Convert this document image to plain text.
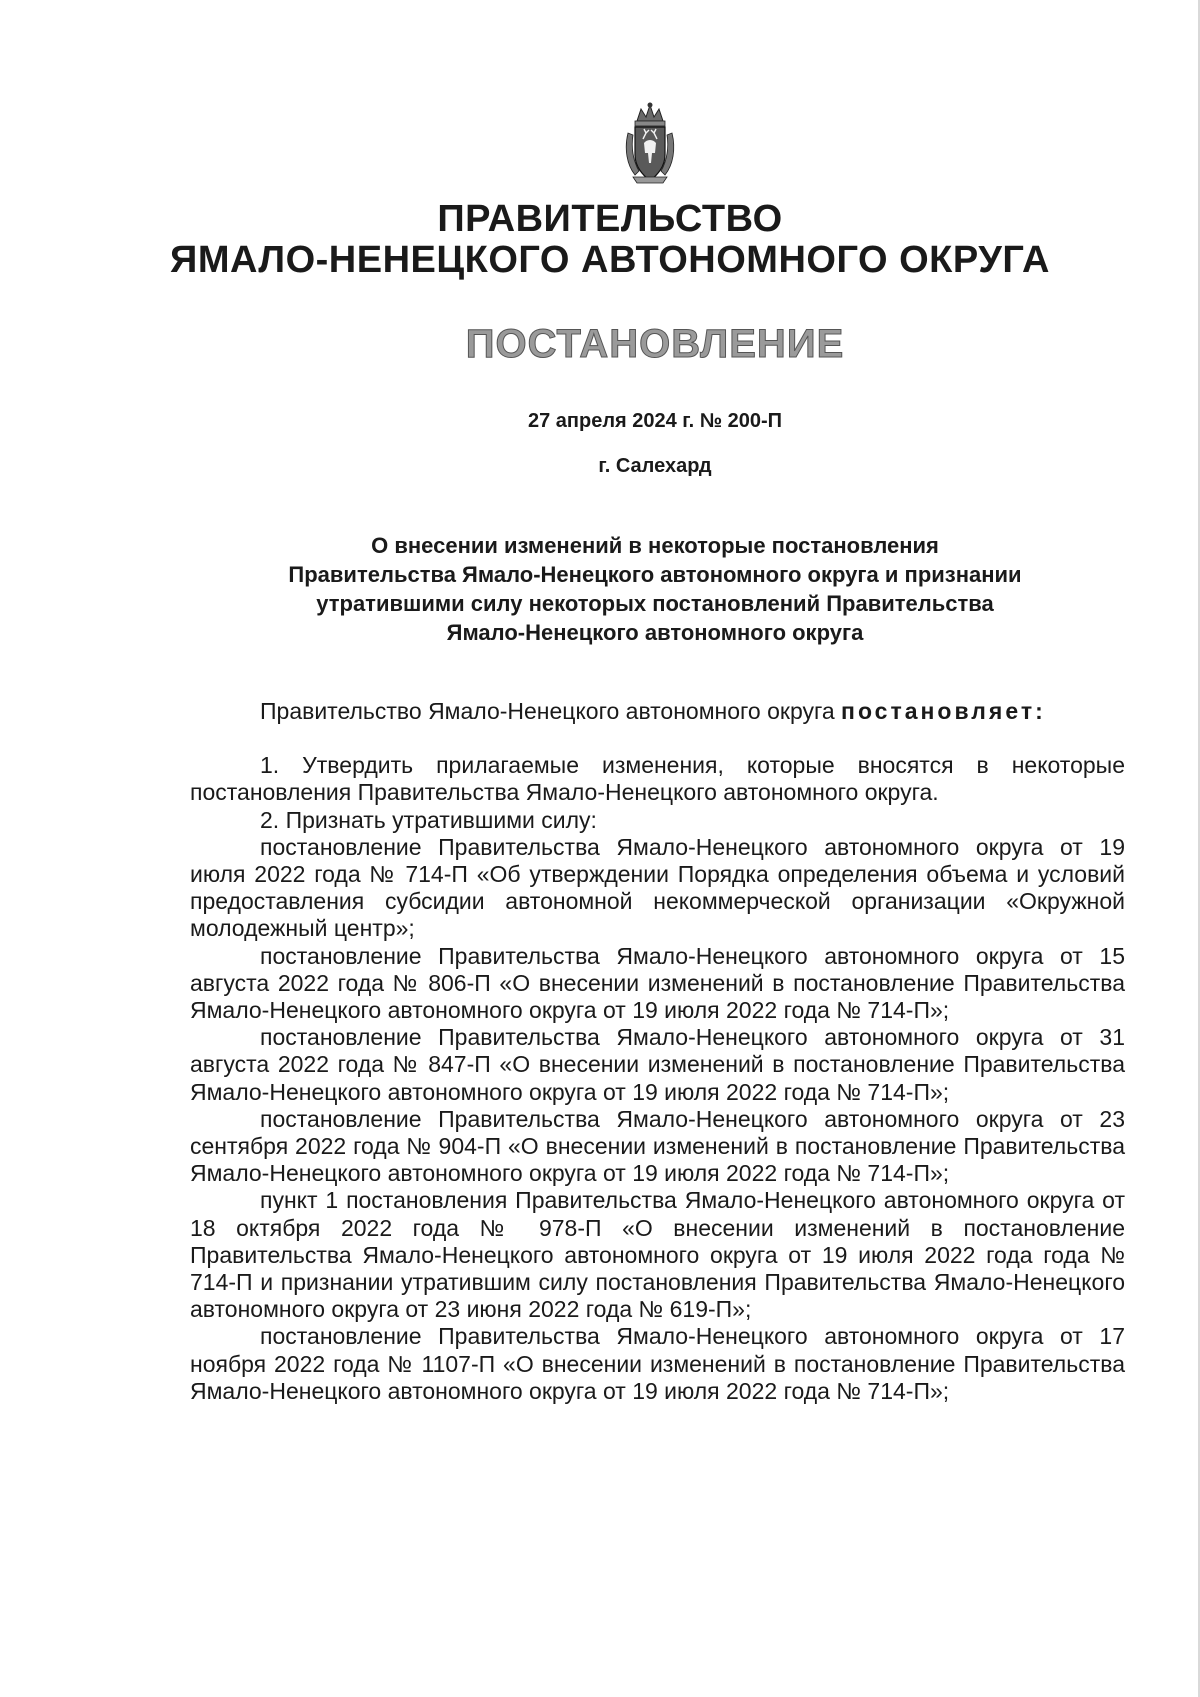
ПРАВИТЕЛЬСТВО
ЯМАЛО-НЕНЕЦКОГО АВТОНОМНОГО ОКРУГА
ПОСТАНОВЛЕНИЕ
27 апреля 2024 г. № 200-П
г. Салехард
О внесении изменений в некоторые постановления
Правительства Ямало-Ненецкого автономного округа и признании
утратившими силу некоторых постановлений Правительства
Ямало-Ненецкого автономного округа

Правительство Ямало-Ненецкого автономного округа постановляет:

1. Утвердить прилагаемые изменения, которые вносятся в некоторые постановления Правительства Ямало-Ненецкого автономного округа.

2. Признать утратившими силу:

постановление Правительства Ямало-Ненецкого автономного округа от 19 июля 2022 года № 714-П «Об утверждении Порядка определения объема и условий предоставления субсидии автономной некоммерческой организации «Окружной молодежный центр»;

постановление Правительства Ямало-Ненецкого автономного округа от 15 августа 2022 года № 806-П «О внесении изменений в постановление Правительства Ямало-Ненецкого автономного округа от 19 июля 2022 года № 714-П»;

постановление Правительства Ямало-Ненецкого автономного округа от 31 августа 2022 года № 847-П «О внесении изменений в постановление Правительства Ямало-Ненецкого автономного округа от 19 июля 2022 года № 714-П»;

постановление Правительства Ямало-Ненецкого автономного округа от 23 сентября 2022 года № 904-П «О внесении изменений в постановление Правительства Ямало-Ненецкого автономного округа от 19 июля 2022 года № 714-П»;

пункт 1 постановления Правительства Ямало-Ненецкого автономного округа от 18 октября 2022 года № 978-П «О внесении изменений в постановление Правительства Ямало-Ненецкого автономного округа от 19 июля 2022 года года № 714-П и признании утратившим силу постановления Правительства Ямало-Ненецкого автономного округа от 23 июня 2022 года № 619-П»;

постановление Правительства Ямало-Ненецкого автономного округа от 17 ноября 2022 года № 1107-П «О внесении изменений в постановление Правительства Ямало-Ненецкого автономного округа от 19 июля 2022 года № 714-П»;
